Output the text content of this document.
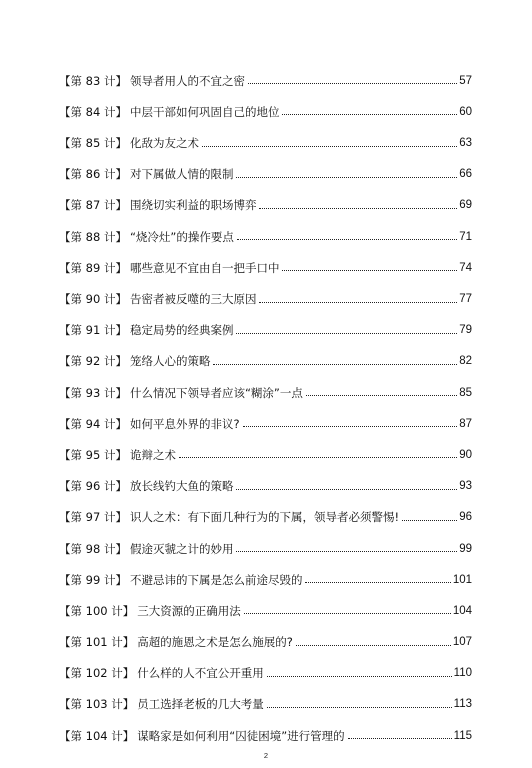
【第 83 计】 领导者用人的不宜之密	57
【第 84 计】 中层干部如何巩固自己的地位	60
【第 85 计】 化敌为友之术	63
【第 86 计】 对下属做人情的限制	66
【第 87 计】 围绕切实利益的职场博弈	69
【第 88 计】 “烧冷灶”的操作要点	71
【第 89 计】 哪些意见不宜由自一把手口中	74
【第 90 计】 告密者被反噬的三大原因	77
【第 91 计】 稳定局势的经典案例	79
【第 92 计】 笼络人心的策略	82
【第 93 计】 什么情况下领导者应该“糊涂”一点	85
【第 94 计】 如何平息外界的非议?	87
【第 95 计】 诡辩之术	90
【第 96 计】 放长线钓大鱼的策略	93
【第 97 计】 识人之术：有下面几种行为的下属，领导者必须警惕!	96
【第 98 计】 假途灭虢之计的妙用	99
【第 99 计】 不避忌讳的下属是怎么前途尽毁的	101
【第 100 计】 三大资源的正确用法	104
【第 101 计】 高超的施恩之术是怎么施展的?	107
【第 102 计】 什么样的人不宜公开重用	110
【第 103 计】 员工选择老板的几大考量	113
【第 104 计】 谋略家是如何利用“囚徒困境”进行管理的	115
2
